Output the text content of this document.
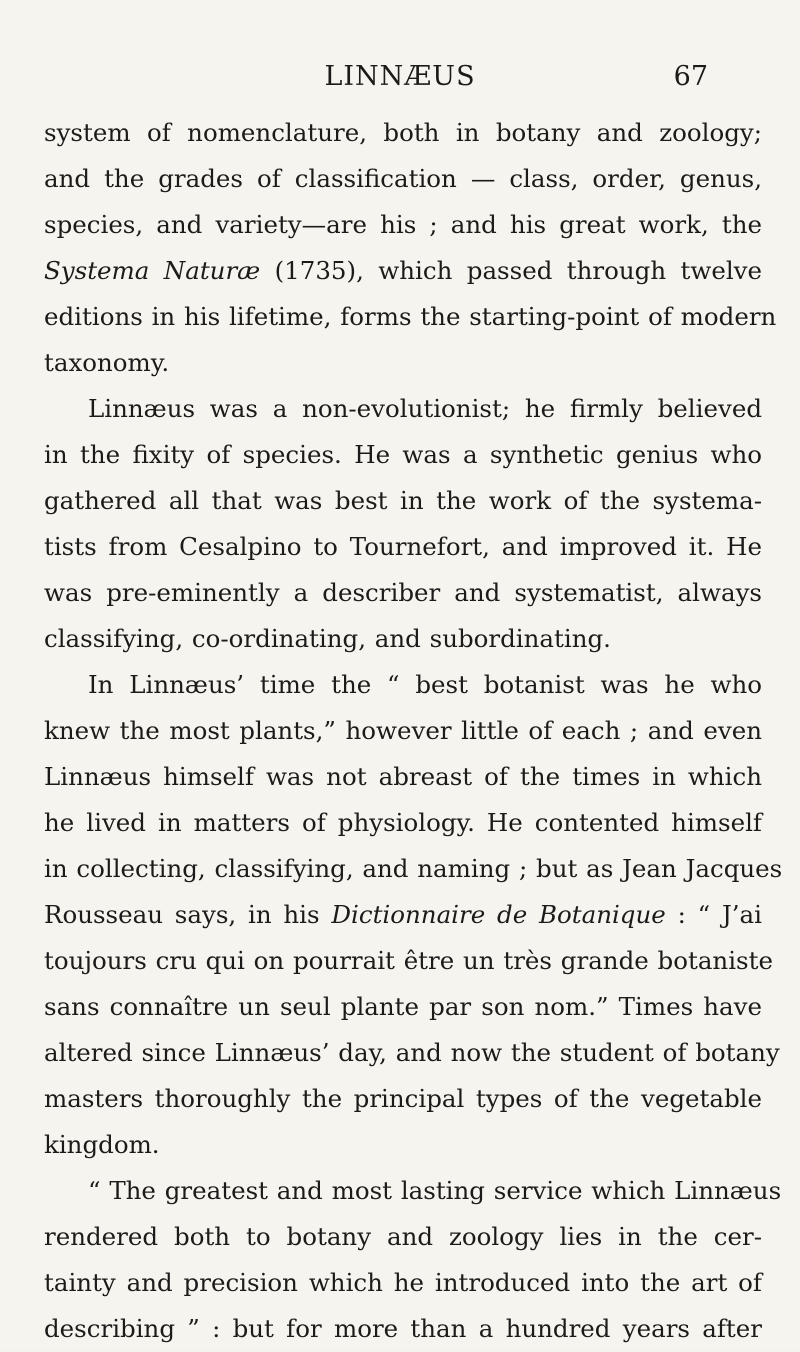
LINNÆUS	67
system of nomenclature, both in botany and zoology;
and the grades of classification — class, order, genus,
species, and variety—are his ; and his great work, the
Systema Naturæ (1735), which passed through twelve
editions in his lifetime, forms the starting-point of modern
taxonomy.
Linnæus was a non-evolutionist; he firmly believed
in the fixity of species. He was a synthetic genius who
gathered all that was best in the work of the systema-
tists from Cesalpino to Tournefort, and improved it. He
was pre-eminently a describer and systematist, always
classifying, co-ordinating, and subordinating.
In Linnæus’ time the “ best botanist was he who
knew the most plants,” however little of each ; and even
Linnæus himself was not abreast of the times in which
he lived in matters of physiology. He contented himself
in collecting, classifying, and naming ; but as Jean Jacques
Rousseau says, in his Dictionnaire de Botanique : “ J’ai
toujours cru qui on pourrait être un très grande botaniste
sans connaître un seul plante par son nom.” Times have
altered since Linnæus’ day, and now the student of botany
masters thoroughly the principal types of the vegetable
kingdom.
“ The greatest and most lasting service which Linnæus
rendered both to botany and zoology lies in the cer-
tainty and precision which he introduced into the art of
describing ” : but for more than a hundred years after
